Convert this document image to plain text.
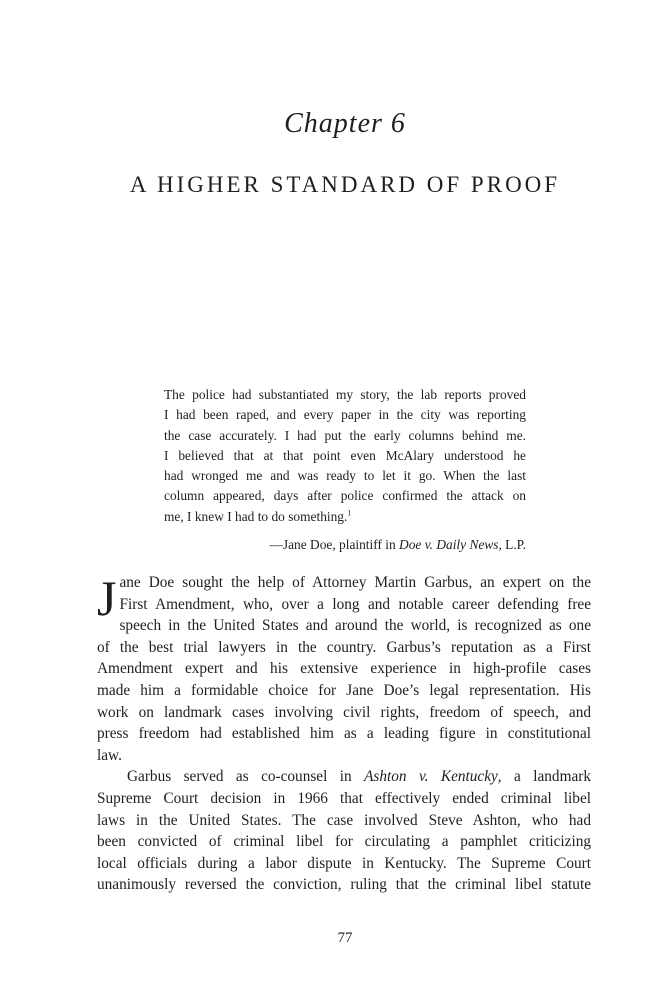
Chapter 6
A HIGHER STANDARD OF PROOF

The police had substantiated my story, the lab reports proved
I had been raped, and every paper in the city was reporting
the case accurately. I had put the early columns behind me.
I believed that at that point even McAlary understood he
had wronged me and was ready to let it go. When the last
column appeared, days after police confirmed the attack on
me, I knew I had to do something.$^1$

—Jane Doe, plaintiff in Doe v. Daily News, L.P.

J ane Doe sought the help of Attorney Martin Garbus, an expert on the
First Amendment, who, over a long and notable career defending free
speech in the United States and around the world, is recognized as one
of the best trial lawyers in the country. Garbus’s reputation as a First
Amendment expert and his extensive experience in high-profile cases
made him a formidable choice for Jane Doe’s legal representation. His
work on landmark cases involving civil rights, freedom of speech, and
press freedom had established him as a leading figure in constitutional
law.

Garbus served as co-counsel in Ashton v. Kentucky, a landmark
Supreme Court decision in 1966 that effectively ended criminal libel
laws in the United States. The case involved Steve Ashton, who had
been convicted of criminal libel for circulating a pamphlet criticizing
local officials during a labor dispute in Kentucky. The Supreme Court
unanimously reversed the conviction, ruling that the criminal libel statute

77
